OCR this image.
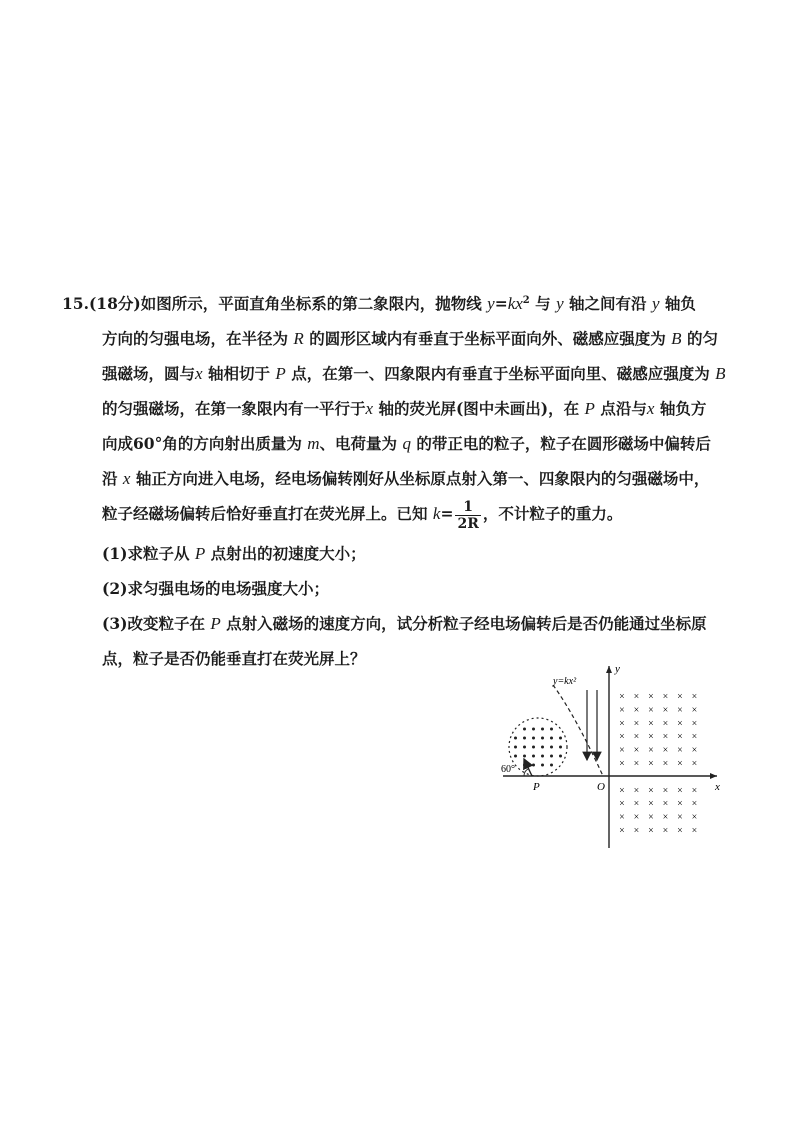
15.(18分)如图所示，平面直角坐标系的第二象限内，抛物线 $y=kx^2$ 与 y 轴之间有沿 y 轴负
方向的匀强电场，在半径为 R 的圆形区域内有垂直于坐标平面向外、磁感应强度为 B 的匀
强磁场，圆与x 轴相切于 P 点，在第一、四象限内有垂直于坐标平面向里、磁感应强度为 B
的匀强磁场，在第一象限内有一平行于x 轴的荧光屏(图中未画出)，在 P 点沿与x 轴负方
向成60°角的方向射出质量为 m、电荷量为 q 的带正电的粒子，粒子在圆形磁场中偏转后
沿 x 轴正方向进入电场，经电场偏转刚好从坐标原点射入第一、四象限内的匀强磁场中，
粒子经磁场偏转后恰好垂直打在荧光屏上。已知 $k= \frac{1}{2R}$ ，不计粒子的重力。
(1)求粒子从 P 点射出的初速度大小；
(2)求匀强电场的电场强度大小；
(3)改变粒子在 P 点射入磁场的速度方向，试分析粒子经电场偏转后是否仍能通过坐标原
点，粒子是否仍能垂直打在荧光屏上？
× × × × × ×
× × × × × ×
× × × × × ×
× × × × × ×
× × × × × ×
× × × × × ×
× × × × × ×
× × × × × ×
× × × × × ×
× × × × × ×
y=kx²
60°
P	O	x
y
